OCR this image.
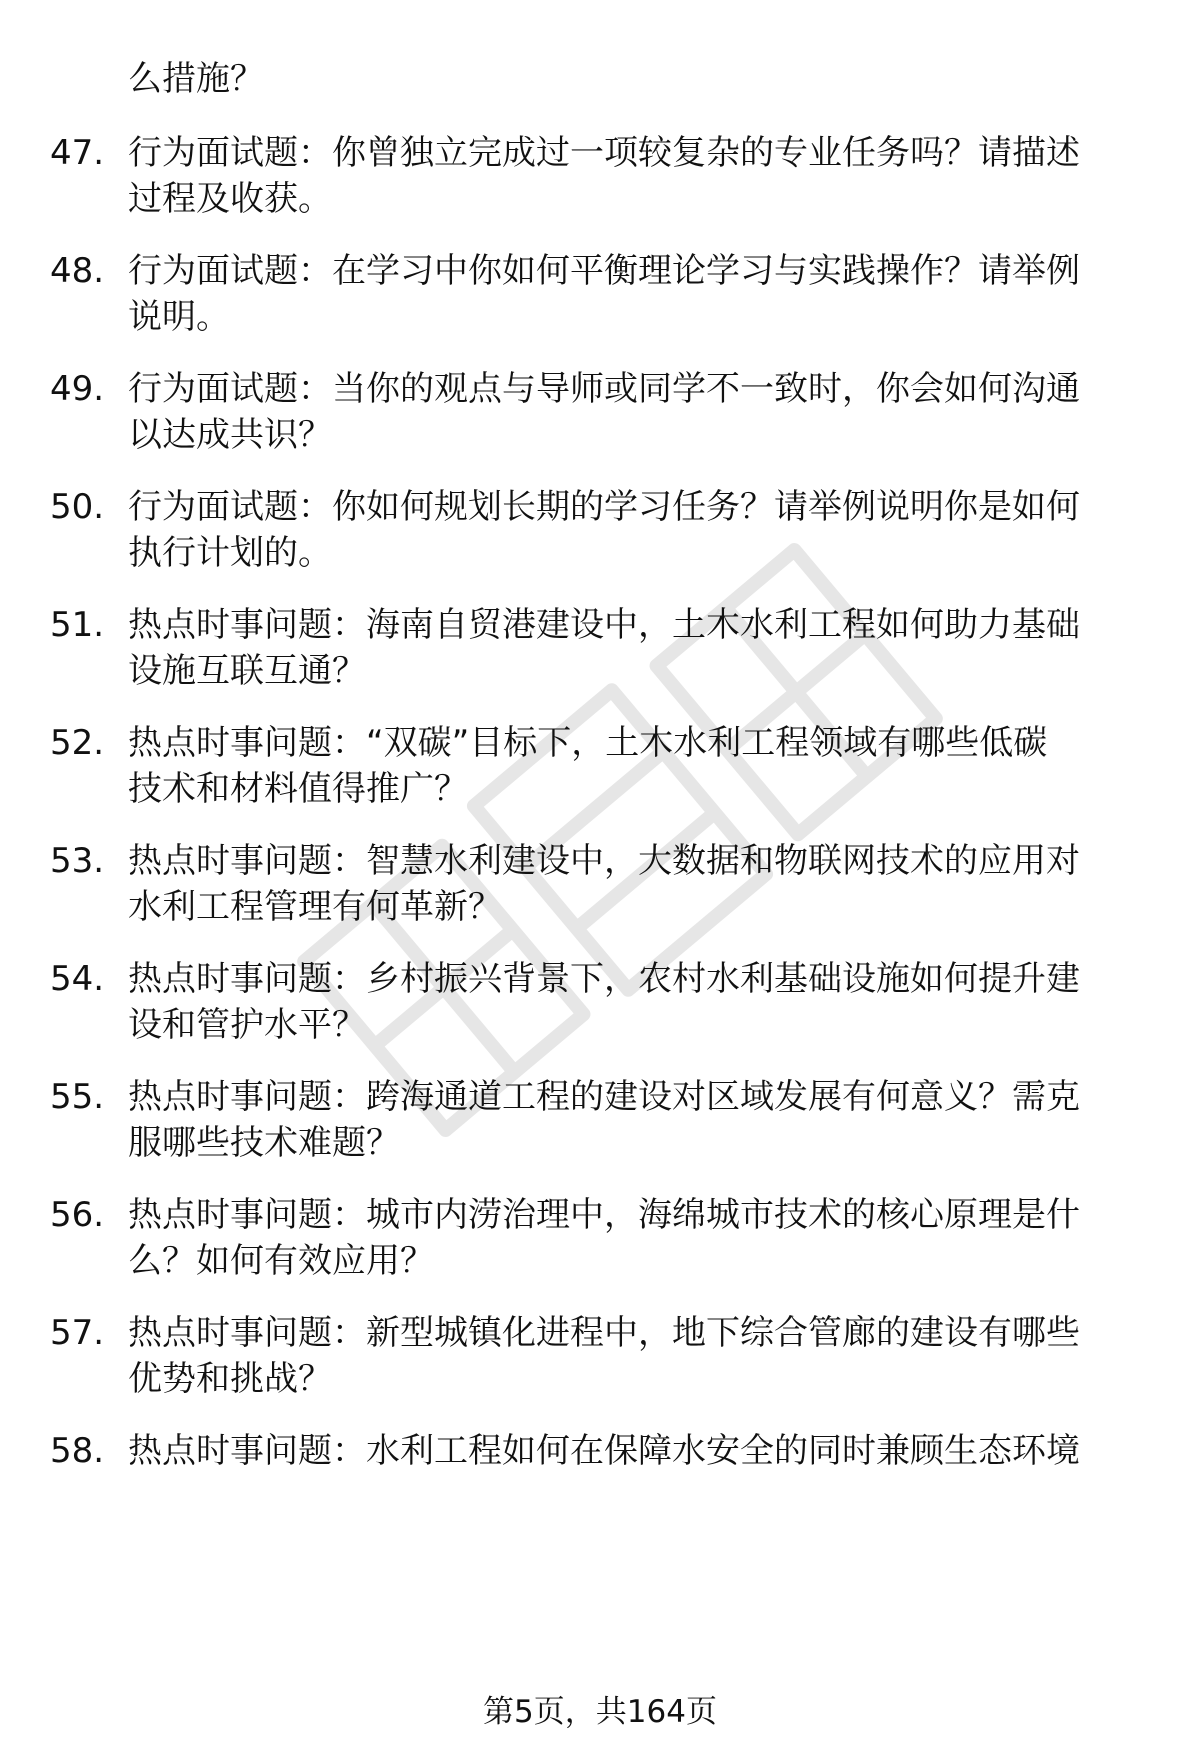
么措施？
47. 行为面试题：你曾独立完成过一项较复杂的专业任务吗？请描述
过程及收获。
48. 行为面试题：在学习中你如何平衡理论学习与实践操作？请举例
说明。
49. 行为面试题：当你的观点与导师或同学不一致时，你会如何沟通
以达成共识？
50. 行为面试题：你如何规划长期的学习任务？请举例说明你是如何
执行计划的。
51. 热点时事问题：海南自贸港建设中，土木水利工程如何助力基础
设施互联互通？
52. 热点时事问题：“双碳”目标下，土木水利工程领域有哪些低碳
技术和材料值得推广？
53. 热点时事问题：智慧水利建设中，大数据和物联网技术的应用对
水利工程管理有何革新？
54. 热点时事问题：乡村振兴背景下，农村水利基础设施如何提升建
设和管护水平？
55. 热点时事问题：跨海通道工程的建设对区域发展有何意义？需克
服哪些技术难题？
56. 热点时事问题：城市内涝治理中，海绵城市技术的核心原理是什
么？如何有效应用？
57. 热点时事问题：新型城镇化进程中，地下综合管廊的建设有哪些
优势和挑战？
58. 热点时事问题：水利工程如何在保障水安全的同时兼顾生态环境
第5页，共164页
